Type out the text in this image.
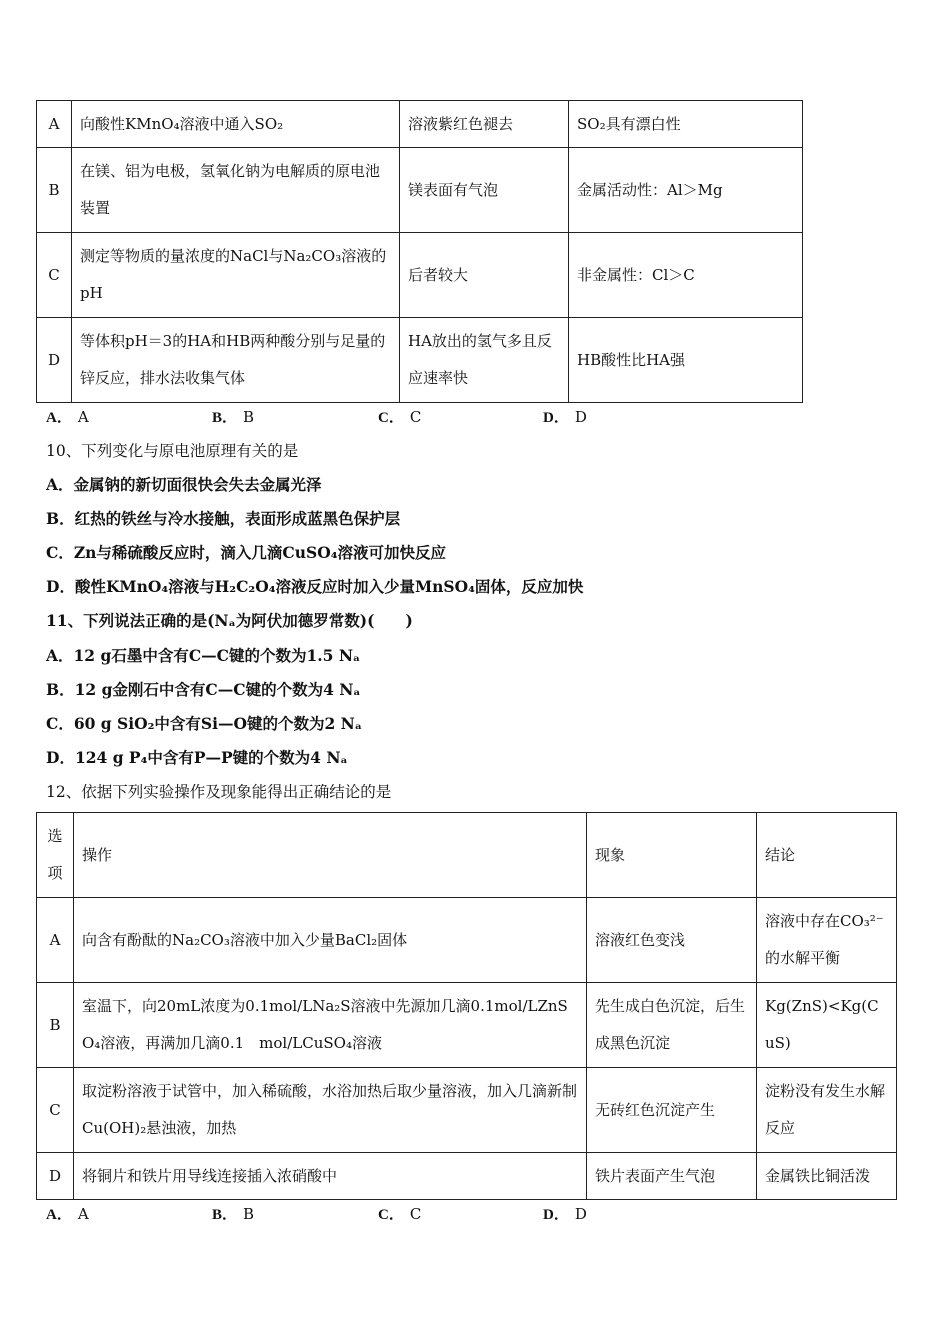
A	向酸性KMnO₄溶液中通入SO₂	溶液紫红色褪去	SO₂具有漂白性
B	在镁、铝为电极，氢氧化钠为电解质的原电池装置	镁表面有气泡	金属活动性：Al＞Mg
C	测定等物质的量浓度的NaCl与Na₂CO₃溶液的pH	后者较大	非金属性：Cl＞C
D	等体积pH＝3的HA和HB两种酸分别与足量的锌反应，排水法收集气体	HA放出的氢气多且反应速率快	HB酸性比HA强
A． A	B． B	C． C	D． D
10、下列变化与原电池原理有关的是
A．金属钠的新切面很快会失去金属光泽
B．红热的铁丝与冷水接触，表面形成蓝黑色保护层
C．Zn与稀硫酸反应时，滴入几滴CuSO₄溶液可加快反应
D．酸性KMnO₄溶液与H₂C₂O₄溶液反应时加入少量MnSO₄固体，反应加快
11、下列说法正确的是(Nₐ为阿伏加德罗常数)(　　)
A．12 g石墨中含有C—C键的个数为1.5 Nₐ
B．12 g金刚石中含有C—C键的个数为4 Nₐ
C．60 g SiO₂中含有Si—O键的个数为2 Nₐ
D．124 g P₄中含有P—P键的个数为4 Nₐ
12、依据下列实验操作及现象能得出正确结论的是
选项	操作	现象	结论
A	向含有酚酞的Na₂CO₃溶液中加入少量BaCl₂固体	溶液红色变浅	溶液中存在CO₃²⁻的水解平衡
B	室温下，向20mL浓度为0.1mol/LNa₂S溶液中先源加几滴0.1mol/LZnSO₄溶液，再满加几滴0.1　mol/LCuSO₄溶液	先生成白色沉淀，后生成黑色沉淀	Kg(ZnS)<Kg(CuS)
C	取淀粉溶液于试管中，加入稀硫酸，水浴加热后取少量溶液，加入几滴新制Cu(OH)₂悬浊液，加热	无砖红色沉淀产生	淀粉没有发生水解反应
D	将铜片和铁片用导线连接插入浓硝酸中	铁片表面产生气泡	金属铁比铜活泼
A． A	B． B	C． C	D． D
